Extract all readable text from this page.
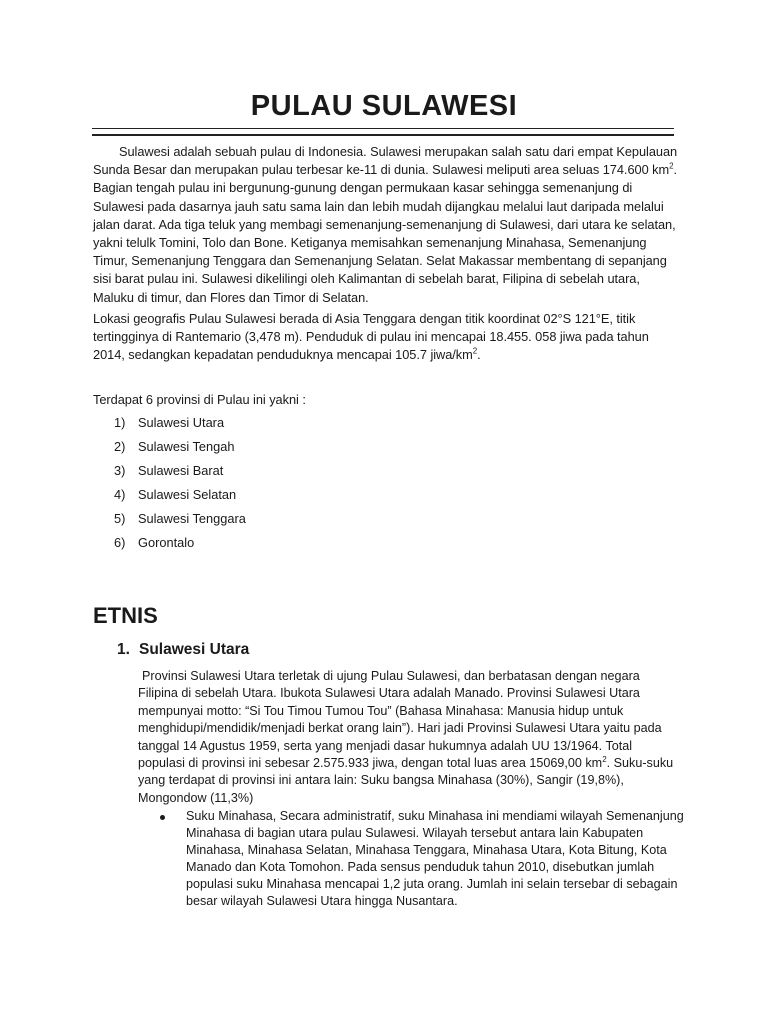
PULAU SULAWESI

Sulawesi adalah sebuah pulau di Indonesia. Sulawesi merupakan salah satu dari empat Kepulauan Sunda Besar dan merupakan pulau terbesar ke-11 di dunia. Sulawesi meliputi area seluas 174.600 $km^2$. Bagian tengah pulau ini bergunung-gunung dengan permukaan kasar sehingga semenanjung di Sulawesi pada dasarnya jauh satu sama lain dan lebih mudah dijangkau melalui laut daripada melalui jalan darat. Ada tiga teluk yang membagi semenanjung-semenanjung di Sulawesi, dari utara ke selatan, yakni telulk Tomini, Tolo dan Bone. Ketiganya memisahkan semenanjung Minahasa, Semenanjung Timur, Semenanjung Tenggara dan Semenanjung Selatan. Selat Makassar membentang di sepanjang sisi barat pulau ini. Sulawesi dikelilingi oleh Kalimantan di sebelah barat, Filipina di sebelah utara, Maluku di timur, dan Flores dan Timor di Selatan.

Lokasi geografis Pulau Sulawesi berada di Asia Tenggara dengan titik koordinat 02°S 121°E, titik tertingginya di Rantemario (3,478 m). Penduduk di pulau ini mencapai 18.455. 058 jiwa pada tahun 2014, sedangkan kepadatan penduduknya mencapai 105.7 jiwa/$km^2$.

Terdapat 6 provinsi di Pulau ini yakni :

1) Sulawesi Utara
2) Sulawesi Tengah
3) Sulawesi Barat
4) Sulawesi Selatan
5) Sulawesi Tenggara
6) Gorontalo
ETNIS
1. Sulawesi Utara

Provinsi Sulawesi Utara terletak di ujung Pulau Sulawesi, dan berbatasan dengan negara Filipina di sebelah Utara. Ibukota Sulawesi Utara adalah Manado. Provinsi Sulawesi Utara mempunyai motto: “Si Tou Timou Tumou Tou” (Bahasa Minahasa: Manusia hidup untuk menghidupi/mendidik/menjadi berkat orang lain”). Hari jadi Provinsi Sulawesi Utara yaitu pada tanggal 14 Agustus 1959, serta yang menjadi dasar hukumnya adalah UU 13/1964. Total populasi di provinsi ini sebesar 2.575.933 jiwa, dengan total luas area 15069,00 $km^2$. Suku-suku yang terdapat di provinsi ini antara lain: Suku bangsa Minahasa (30%), Sangir (19,8%), Mongondow (11,3%)

Suku Minahasa, Secara administratif, suku Minahasa ini mendiami wilayah Semenanjung Minahasa di bagian utara pulau Sulawesi. Wilayah tersebut antara lain Kabupaten Minahasa, Minahasa Selatan, Minahasa Tenggara, Minahasa Utara, Kota Bitung, Kota Manado dan Kota Tomohon. Pada sensus penduduk tahun 2010, disebutkan jumlah populasi suku Minahasa mencapai 1,2 juta orang. Jumlah ini selain tersebar di sebagain besar wilayah Sulawesi Utara hingga Nusantara.
